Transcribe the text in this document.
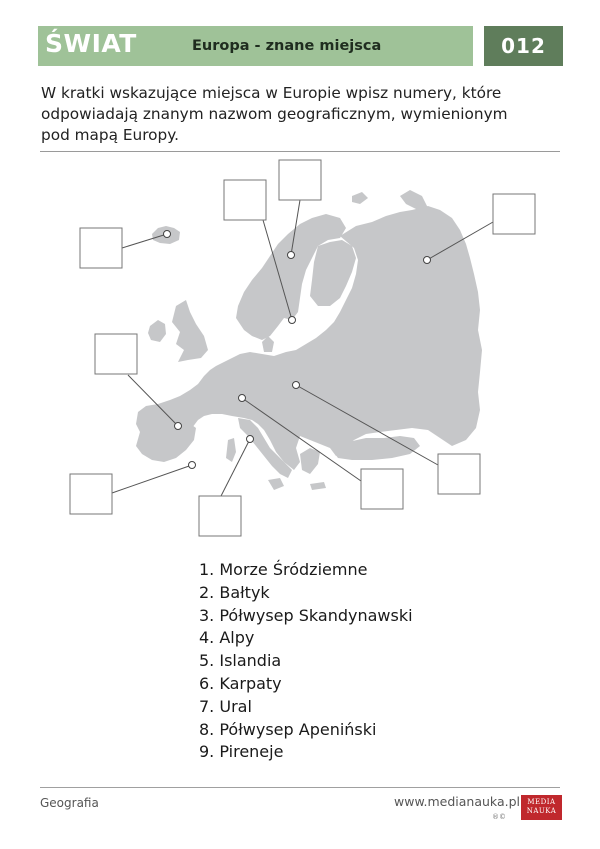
ŚWIAT	Europa - znane miejsca	012
W kratki wskazujące miejsca w Europie wpisz numery, które odpowiadają znanym nazwom geograficznym, wymienionym pod mapą Europy.
1. Morze Śródziemne
2. Bałtyk
3. Półwysep Skandynawski
4. Alpy
5. Islandia
6. Karpaty
7. Ural
8. Półwysep Apeniński
9. Pireneje
Geografia	www.medianauka.pl
®©
MEDIA
NAUKA
